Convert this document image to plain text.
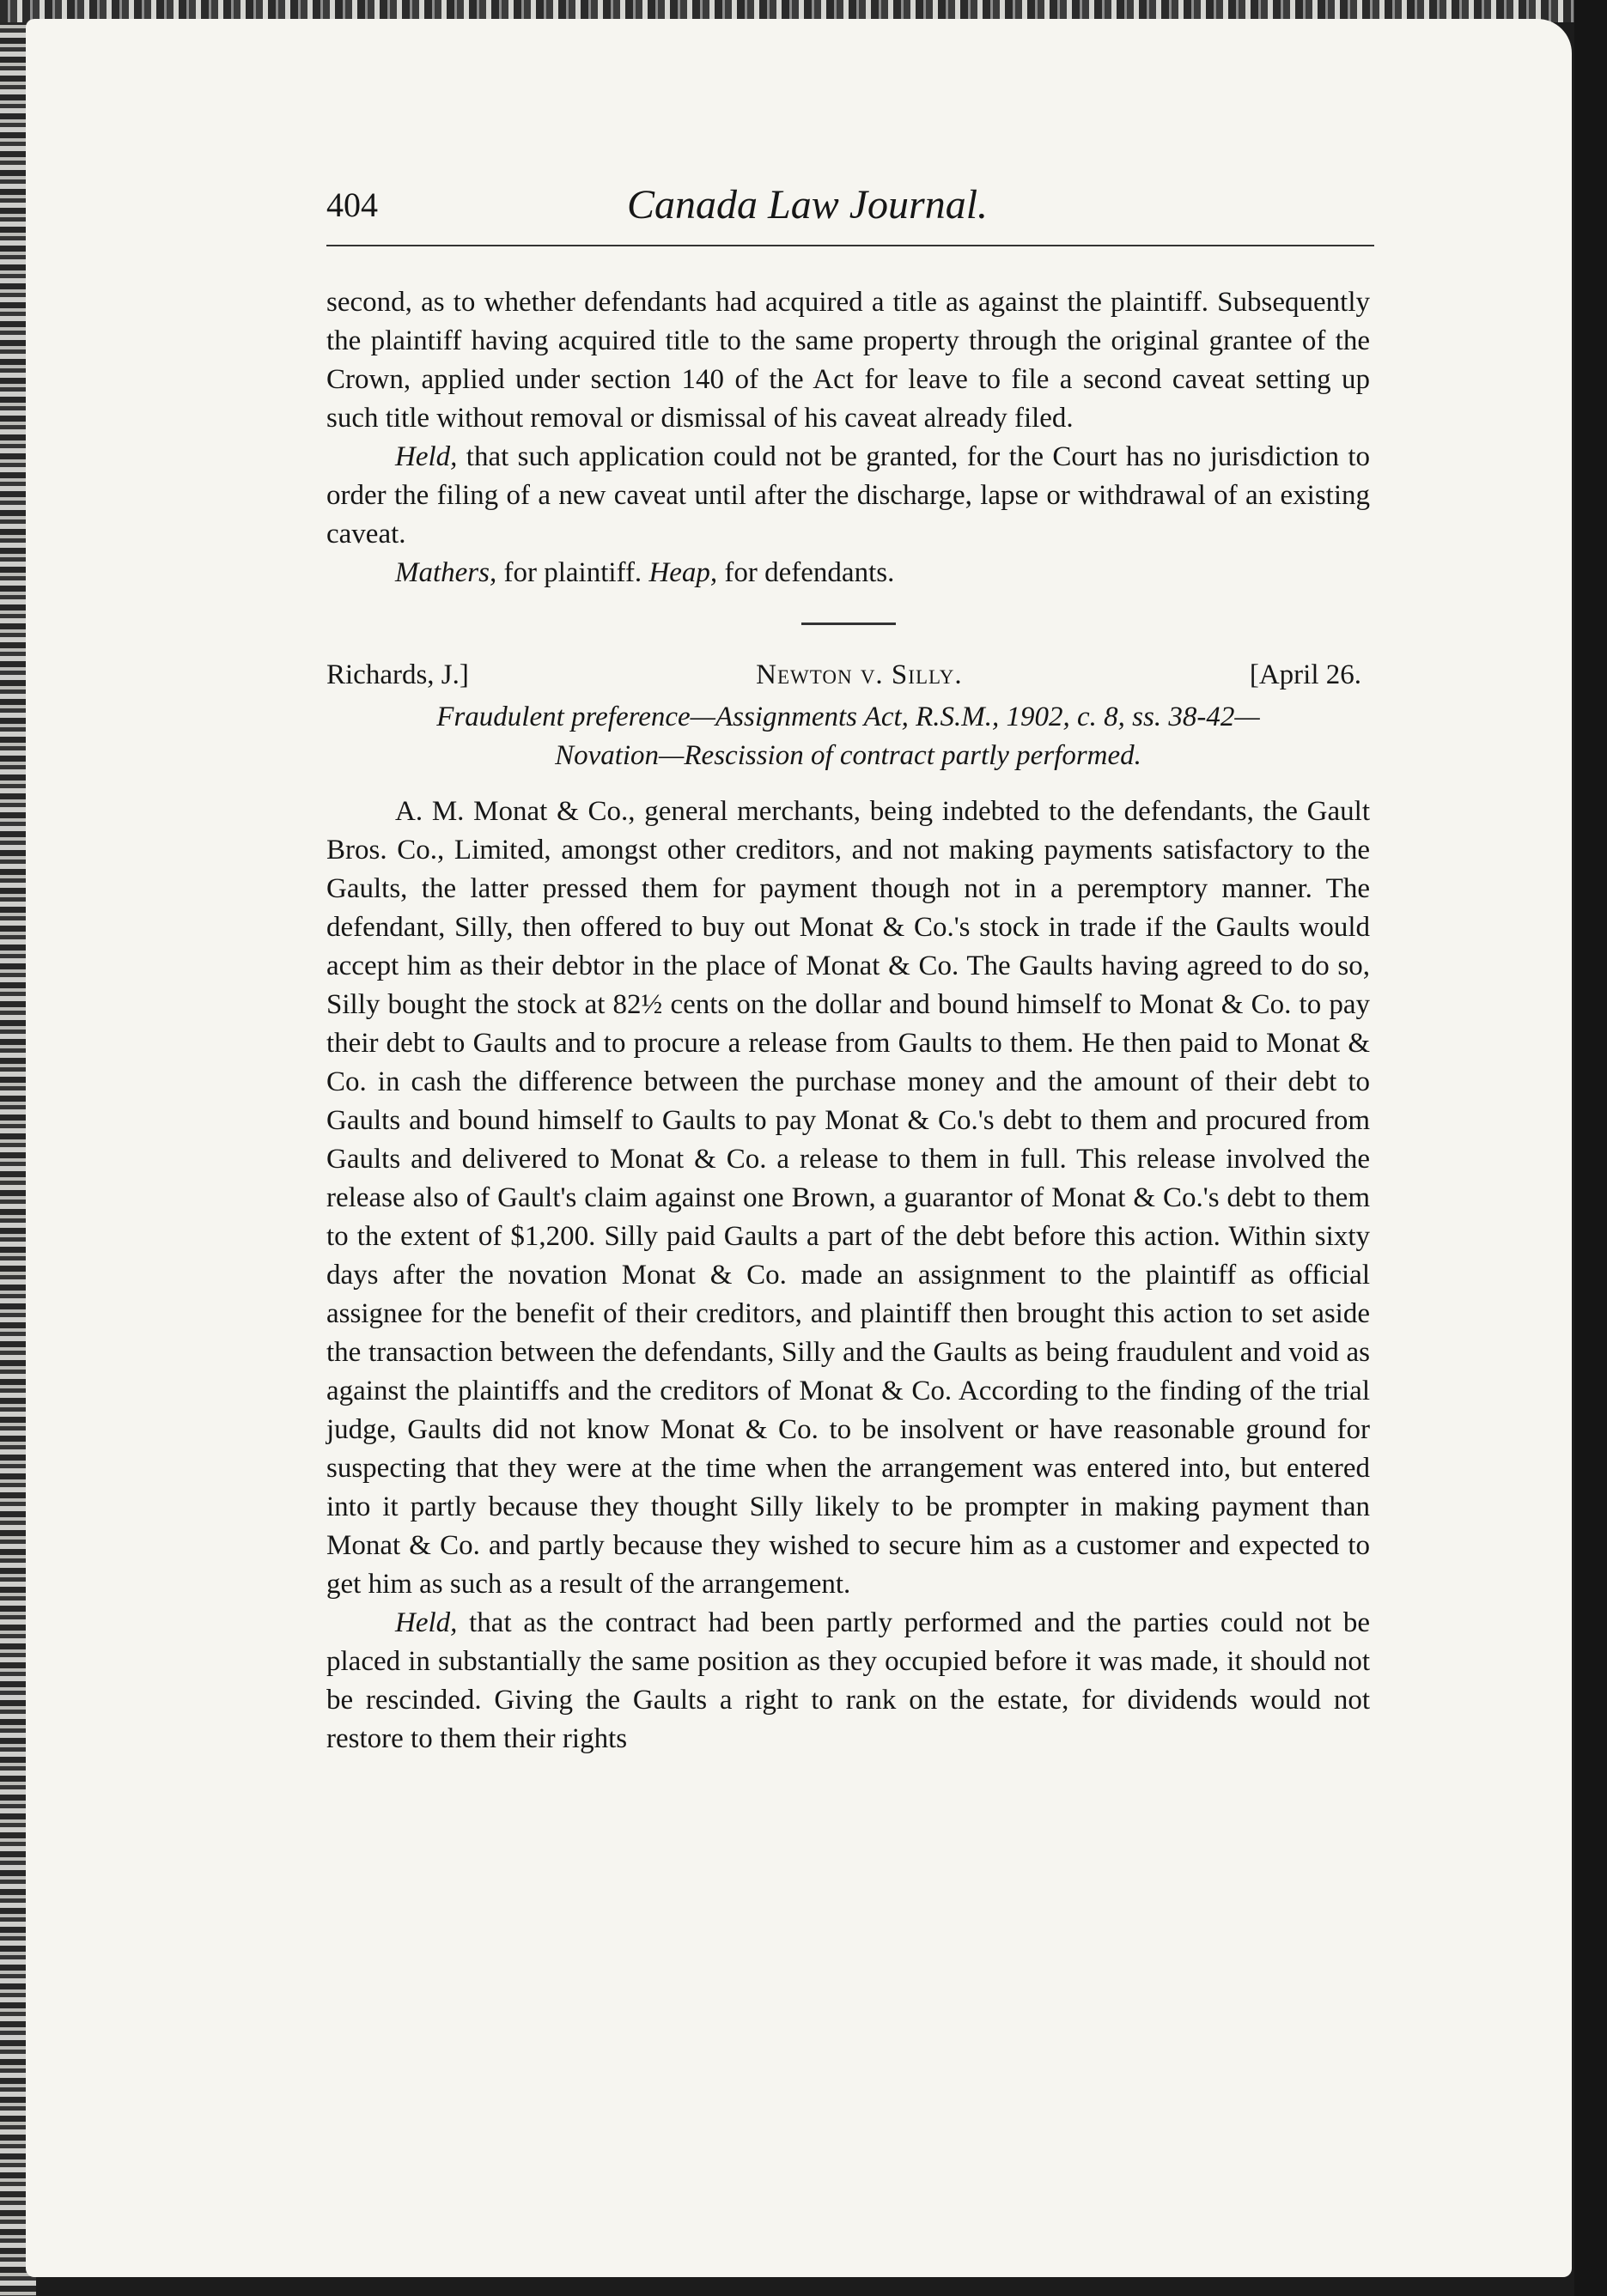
404	Canada Law Journal.

second, as to whether defendants had acquired a title as against the plaintiff. Subsequently the plaintiff having acquired title to the same property through the original grantee of the Crown, applied under section 140 of the Act for leave to file a second caveat setting up such title without removal or dismissal of his caveat already filed.

Held, that such application could not be granted, for the Court has no jurisdiction to order the filing of a new caveat until after the discharge, lapse or withdrawal of an existing caveat.

Mathers, for plaintiff. Heap, for defendants.

Richards, J.]	Newton v. Silly.	[April 26.
Fraudulent preference—Assignments Act, R.S.M., 1902, c. 8, ss. 38-42—
Novation—Rescission of contract partly performed.

A. M. Monat & Co., general merchants, being indebted to the defendants, the Gault Bros. Co., Limited, amongst other creditors, and not making payments satisfactory to the Gaults, the latter pressed them for payment though not in a peremptory manner. The defendant, Silly, then offered to buy out Monat & Co.'s stock in trade if the Gaults would accept him as their debtor in the place of Monat & Co. The Gaults having agreed to do so, Silly bought the stock at 82½ cents on the dollar and bound himself to Monat & Co. to pay their debt to Gaults and to procure a release from Gaults to them. He then paid to Monat & Co. in cash the difference between the purchase money and the amount of their debt to Gaults and bound himself to Gaults to pay Monat & Co.'s debt to them and procured from Gaults and delivered to Monat & Co. a release to them in full. This release involved the release also of Gault's claim against one Brown, a guarantor of Monat & Co.'s debt to them to the extent of $1,200. Silly paid Gaults a part of the debt before this action. Within sixty days after the novation Monat & Co. made an assignment to the plaintiff as official assignee for the benefit of their creditors, and plaintiff then brought this action to set aside the transaction between the defendants, Silly and the Gaults as being fraudulent and void as against the plaintiffs and the creditors of Monat & Co. According to the finding of the trial judge, Gaults did not know Monat & Co. to be insolvent or have reasonable ground for suspecting that they were at the time when the arrangement was entered into, but entered into it partly because they thought Silly likely to be prompter in making payment than Monat & Co. and partly because they wished to secure him as a customer and expected to get him as such as a result of the arrangement.

Held, that as the contract had been partly performed and the parties could not be placed in substantially the same position as they occupied before it was made, it should not be rescinded. Giving the Gaults a right to rank on the estate, for dividends would not restore to them their rights
